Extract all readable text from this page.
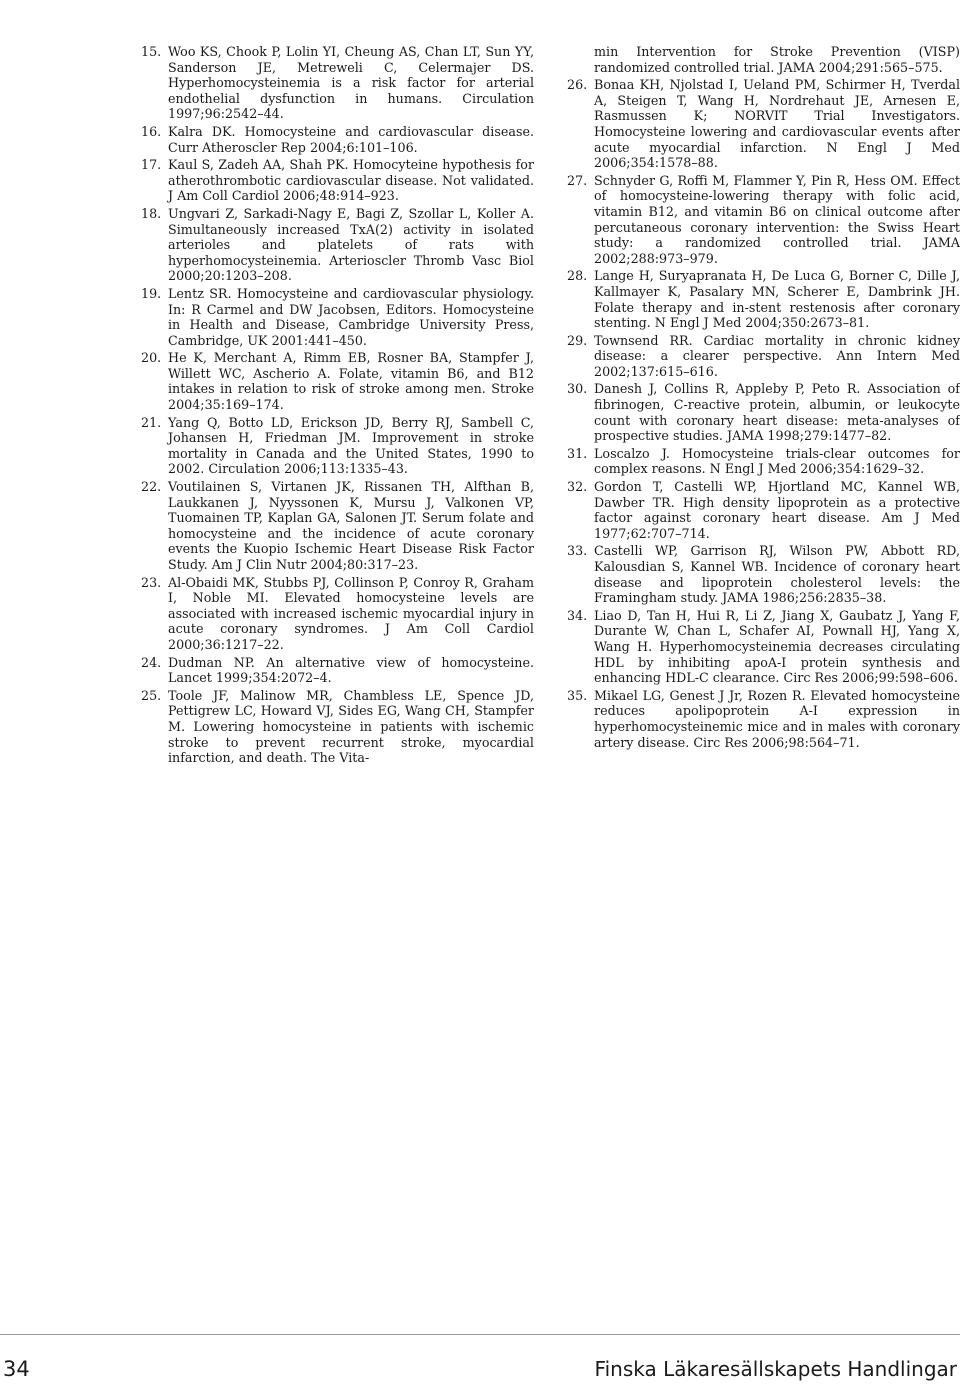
15. Woo KS, Chook P, Lolin YI, Cheung AS, Chan LT, Sun YY, Sanderson JE, Metreweli C, Celermajer DS. Hyperhomocysteinemia is a risk factor for arterial endothelial dysfunction in humans. Circulation 1997;96:2542–44.
16. Kalra DK. Homocysteine and cardiovascular disease. Curr Atheroscler Rep 2004;6:101–106.
17. Kaul S, Zadeh AA, Shah PK. Homocyteine hypothesis for atherothrombotic cardiovascular disease. Not validated. J Am Coll Cardiol 2006;48:914–923.
18. Ungvari Z, Sarkadi-Nagy E, Bagi Z, Szollar L, Koller A. Simultaneously increased TxA(2) activity in isolated arterioles and platelets of rats with hyperhomocysteinemia. Arterioscler Thromb Vasc Biol 2000;20:1203–208.
19. Lentz SR. Homocysteine and cardiovascular physiology. In: R Carmel and DW Jacobsen, Editors. Homocysteine in Health and Disease, Cambridge University Press, Cambridge, UK 2001:441–450.
20. He K, Merchant A, Rimm EB, Rosner BA, Stampfer J, Willett WC, Ascherio A. Folate, vitamin B6, and B12 intakes in relation to risk of stroke among men. Stroke 2004;35:169–174.
21. Yang Q, Botto LD, Erickson JD, Berry RJ, Sambell C, Johansen H, Friedman JM. Improvement in stroke mortality in Canada and the United States, 1990 to 2002. Circulation 2006;113:1335–43.
22. Voutilainen S, Virtanen JK, Rissanen TH, Alfthan B, Laukkanen J, Nyyssonen K, Mursu J, Valkonen VP, Tuomainen TP, Kaplan GA, Salonen JT. Serum folate and homocysteine and the incidence of acute coronary events the Kuopio Ischemic Heart Disease Risk Factor Study. Am J Clin Nutr 2004;80:317–23.
23. Al-Obaidi MK, Stubbs PJ, Collinson P, Conroy R, Graham I, Noble MI. Elevated homocysteine levels are associated with increased ischemic myocardial injury in acute coronary syndromes. J Am Coll Cardiol 2000;36:1217–22.
24. Dudman NP. An alternative view of homocysteine. Lancet 1999;354:2072–4.
25. Toole JF, Malinow MR, Chambless LE, Spence JD, Pettigrew LC, Howard VJ, Sides EG, Wang CH, Stampfer M. Lowering homocysteine in patients with ischemic stroke to prevent recurrent stroke, myocardial infarction, and death. The Vita-
min Intervention for Stroke Prevention (VISP) randomized controlled trial. JAMA 2004;291:565–575.
26. Bonaa KH, Njolstad I, Ueland PM, Schirmer H, Tverdal A, Steigen T, Wang H, Nordrehaut JE, Arnesen E, Rasmussen K; NORVIT Trial Investigators. Homocysteine lowering and cardiovascular events after acute myocardial infarction. N Engl J Med 2006;354:1578–88.
27. Schnyder G, Roffi M, Flammer Y, Pin R, Hess OM. Effect of homocysteine-lowering therapy with folic acid, vitamin B12, and vitamin B6 on clinical outcome after percutaneous coronary intervention: the Swiss Heart study: a randomized controlled trial. JAMA 2002;288:973–979.
28. Lange H, Suryapranata H, De Luca G, Borner C, Dille J, Kallmayer K, Pasalary MN, Scherer E, Dambrink JH. Folate therapy and in-stent restenosis after coronary stenting. N Engl J Med 2004;350:2673–81.
29. Townsend RR. Cardiac mortality in chronic kidney disease: a clearer perspective. Ann Intern Med 2002;137:615–616.
30. Danesh J, Collins R, Appleby P, Peto R. Association of fibrinogen, C-reactive protein, albumin, or leukocyte count with coronary heart disease: meta-analyses of prospective studies. JAMA 1998;279:1477–82.
31. Loscalzo J. Homocysteine trials-clear outcomes for complex reasons. N Engl J Med 2006;354:1629–32.
32. Gordon T, Castelli WP, Hjortland MC, Kannel WB, Dawber TR. High density lipoprotein as a protective factor against coronary heart disease. Am J Med 1977;62:707–714.
33. Castelli WP, Garrison RJ, Wilson PW, Abbott RD, Kalousdian S, Kannel WB. Incidence of coronary heart disease and lipoprotein cholesterol levels: the Framingham study. JAMA 1986;256:2835–38.
34. Liao D, Tan H, Hui R, Li Z, Jiang X, Gaubatz J, Yang F, Durante W, Chan L, Schafer AI, Pownall HJ, Yang X, Wang H. Hyperhomocysteinemia decreases circulating HDL by inhibiting apoA-I protein synthesis and enhancing HDL-C clearance. Circ Res 2006;99:598–606.
35. Mikael LG, Genest J Jr, Rozen R. Elevated homocysteine reduces apolipoprotein A-I expression in hyperhomocysteinemic mice and in males with coronary artery disease. Circ Res 2006;98:564–71.
34	Finska Läkaresällskapets Handlingar
